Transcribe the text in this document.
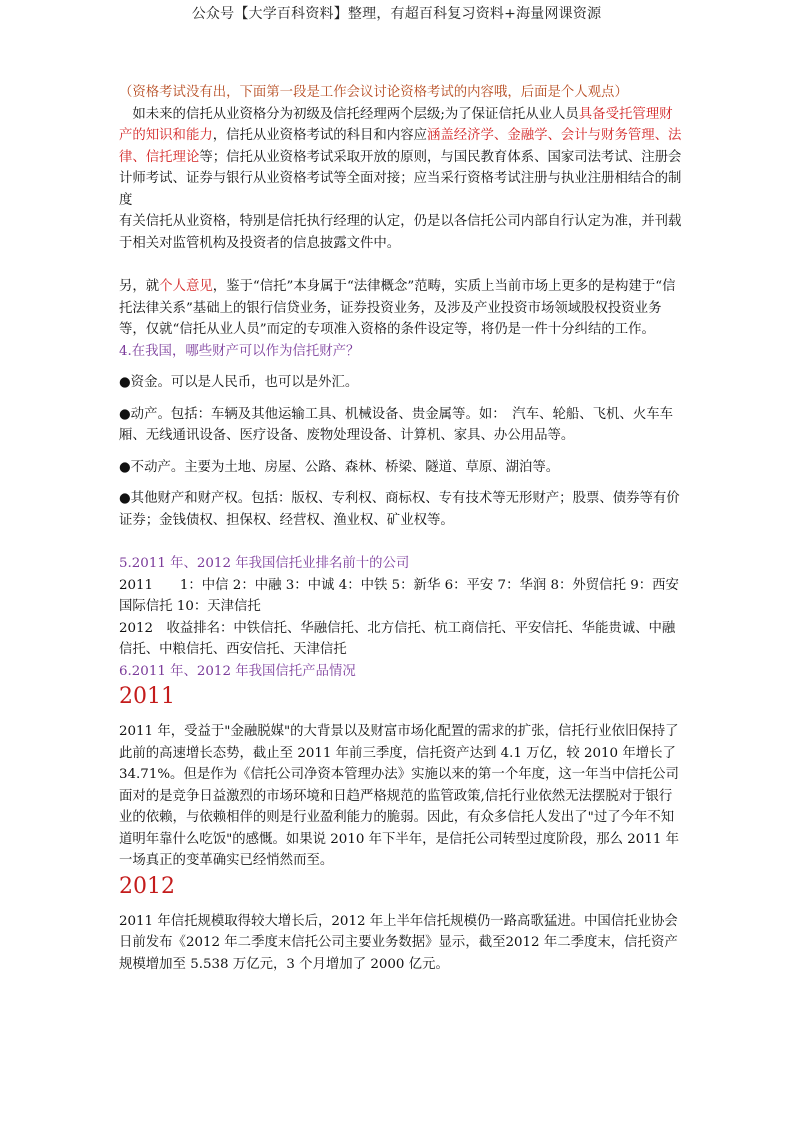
公众号【大学百科资料】整理，有超百科复习资料+海量网课资源

（资格考试没有出，下面第一段是工作会议讨论资格考试的内容哦，后面是个人观点）

　如未来的信托从业资格分为初级及信托经理两个层级;为了保证信托从业人员具备受托管理财产的知识和能力，信托从业资格考试的科目和内容应涵盖经济学、金融学、会计与财务管理、法律、信托理论等；信托从业资格考试采取开放的原则，与国民教育体系、国家司法考试、注册会计师考试、证券与银行从业资格考试等全面对接；应当采行资格考试注册与执业注册相结合的制度

有关信托从业资格，特别是信托执行经理的认定，仍是以各信托公司内部自行认定为准，并刊载于相关对监管机构及投资者的信息披露文件中。

另，就个人意见，鉴于“信托”本身属于“法律概念”范畴，实质上当前市场上更多的是构建于“信托法律关系”基础上的银行信贷业务，证券投资业务，及涉及产业投资市场领域股权投资业务等，仅就“信托从业人员”而定的专项准入资格的条件设定等，将仍是一件十分纠结的工作。

4.在我国，哪些财产可以作为信托财产？

●资金。可以是人民币，也可以是外汇。

●动产。包括：车辆及其他运输工具、机械设备、贵金属等。如：　汽车、轮船、飞机、火车车厢、无线通讯设备、医疗设备、废物处理设备、计算机、家具、办公用品等。

●不动产。主要为土地、房屋、公路、森林、桥梁、隧道、草原、湖泊等。

●其他财产和财产权。包括：版权、专利权、商标权、专有技术等无形财产；股票、债券等有价证券；金钱债权、担保权、经营权、渔业权、矿业权等。

5.2011 年、2012 年我国信托业排名前十的公司

2011　　1：中信 2：中融 3：中诚 4：中铁 5：新华 6：平安 7：华润 8：外贸信托 9：西安国际信托 10：天津信托

2012　收益排名：中铁信托、华融信托、北方信托、杭工商信托、平安信托、华能贵诚、中融信托、中粮信托、西安信托、天津信托

6.2011 年、2012 年我国信托产品情况

2011

2011 年，受益于"金融脱媒"的大背景以及财富市场化配置的需求的扩张，信托行业依旧保持了此前的高速增长态势，截止至 2011 年前三季度，信托资产达到 4.1 万亿，较 2010 年增长了 34.71%。但是作为《信托公司净资本管理办法》实施以来的第一个年度，这一年当中信托公司面对的是竞争日益激烈的市场环境和日趋严格规范的监管政策,信托行业依然无法摆脱对于银行业的依赖，与依赖相伴的则是行业盈利能力的脆弱。因此，有众多信托人发出了"过了今年不知道明年靠什么吃饭"的感慨。如果说 2010 年下半年，是信托公司转型过度阶段，那么 2011 年一场真正的变革确实已经悄然而至。

2012

2011 年信托规模取得较大增长后，2012 年上半年信托规模仍一路高歌猛进。中国信托业协会日前发布《2012 年二季度末信托公司主要业务数据》显示，截至2012 年二季度末，信托资产规模增加至 5.538 万亿元，3 个月增加了 2000 亿元。
